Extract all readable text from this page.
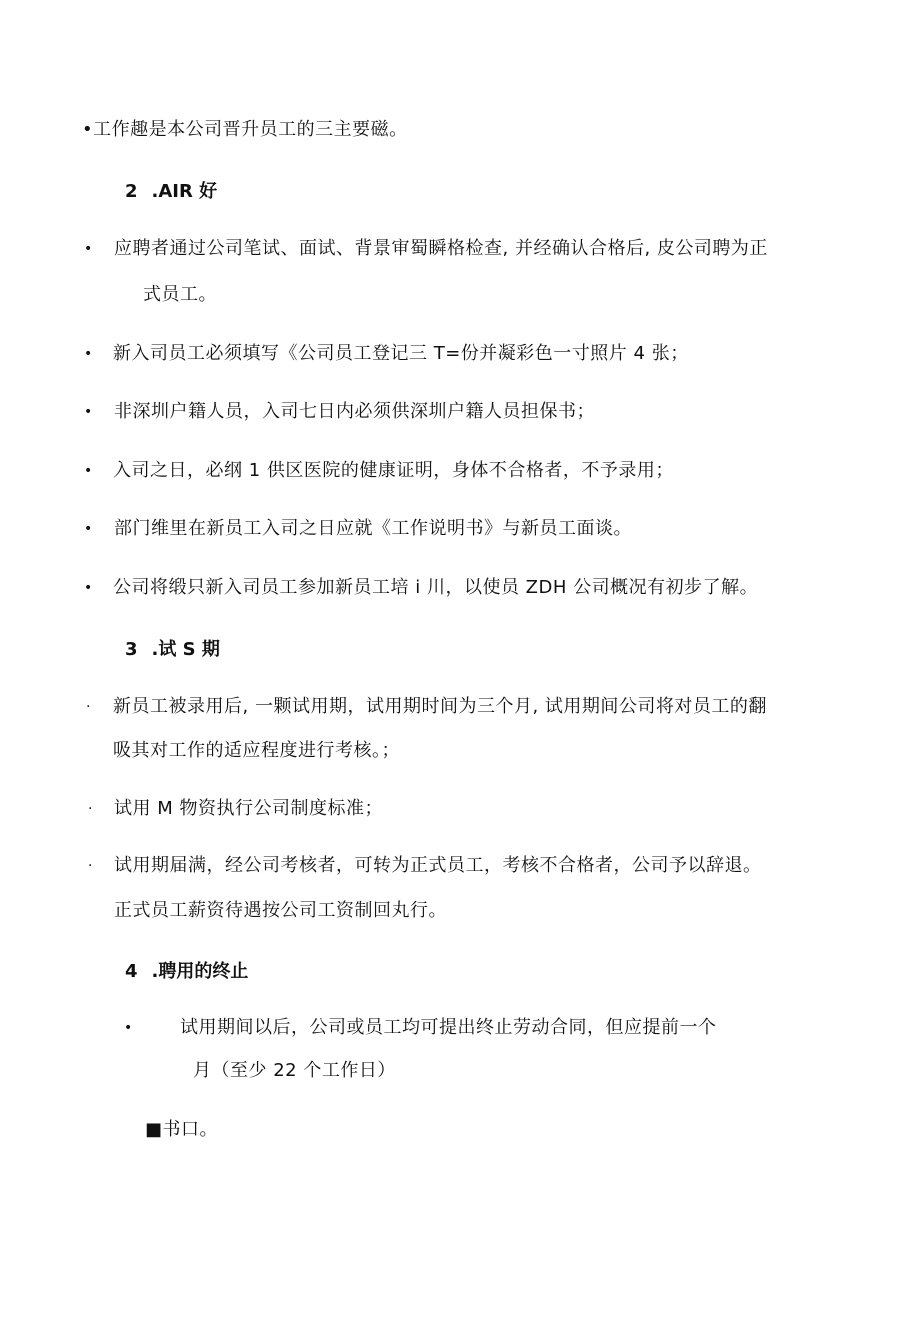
•工作趣是本公司晋升员工的三主要磁。
2 .AIR 好
• 应聘者通过公司笔试、面试、背景审蜀瞬格检查, 并经确认合格后, 皮公司聘为正
式员工。
• 新入司员工必须填写《公司员工登记三 T=份并凝彩色一寸照片 4 张；
• 非深圳户籍人员，入司七日内必须供深圳户籍人员担保书；
• 入司之日，必纲 1 供区医院的健康证明，身体不合格者，不予录用；
• 部门维里在新员工入司之日应就《工作说明书》与新员工面谈。
• 公司将缎只新入司员工参加新员工培 i 川，以使员 ZDH 公司概况有初步了解。
3 .试 S 期
· 新员工被录用后, 一颗试用期，试用期时间为三个月, 试用期间公司将对员工的翻
吸其对工作的适应程度进行考核。；
· 试用 M 物资执行公司制度标准；
· 试用期届满，经公司考核者，可转为正式员工，考核不合格者，公司予以辞退。
正式员工薪资待遇按公司工资制回丸行。
4 .聘用的终止
•	试用期间以后，公司或员工均可提出终止劳动合同，但应提前一个
月（至少 22 个工作日）
■书口。
